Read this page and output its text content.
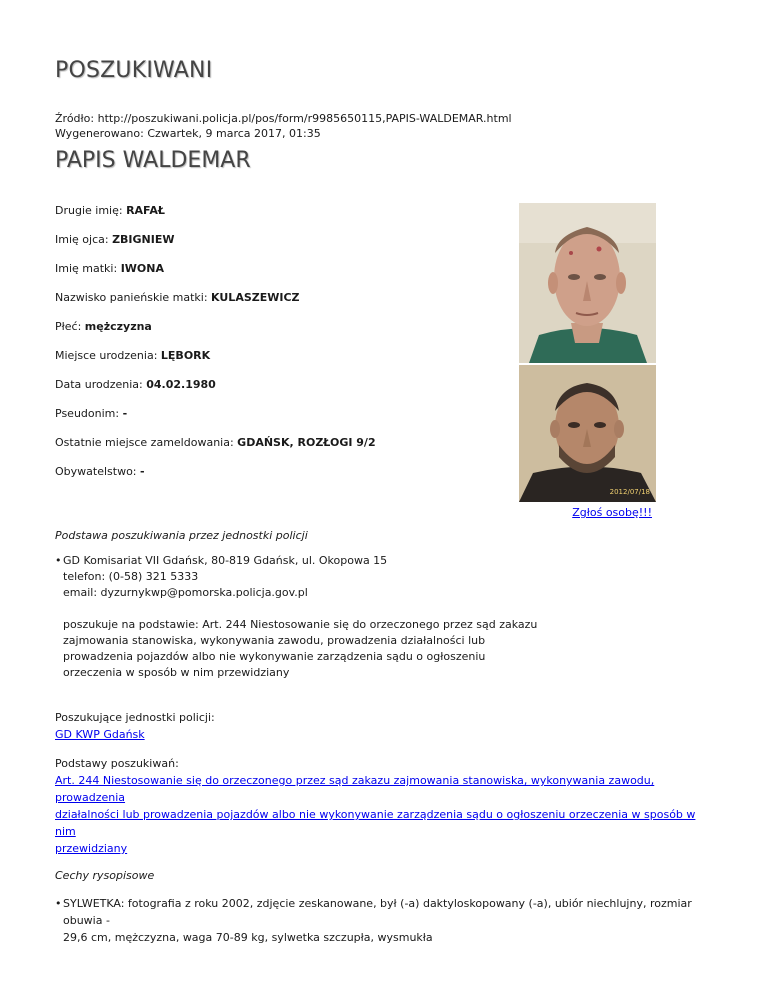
POSZUKIWANI
Źródło: http://poszukiwani.policja.pl/pos/form/r9985650115,PAPIS-WALDEMAR.html
Wygenerowano: Czwartek, 9 marca 2017, 01:35
PAPIS WALDEMAR
Drugie imię: RAFAŁ
Imię ojca: ZBIGNIEW
Imię matki: IWONA
Nazwisko panieńskie matki: KULASZEWICZ
Płeć: mężczyzna
Miejsce urodzenia: LĘBORK
Data urodzenia: 04.02.1980
Pseudonim: -
Ostatnie miejsce zameldowania: GDAŃSK, ROZŁOGI 9/2
Obywatelstwo: -
2012/07/18
Zgłoś osobę!!!
Podstawa poszukiwania przez jednostki policji
• GD Komisariat VII Gdańsk, 80-819 Gdańsk, ul. Okopowa 15
telefon: (0-58) 321 5333
email: dyzurnykwp@pomorska.policja.gov.pl
poszukuje na podstawie: Art. 244 Niestosowanie się do orzeczonego przez sąd zakazu
zajmowania stanowiska, wykonywania zawodu, prowadzenia działalności lub
prowadzenia pojazdów albo nie wykonywanie zarządzenia sądu o ogłoszeniu
orzeczenia w sposób w nim przewidziany
Poszukujące jednostki policji:
GD KWP Gdańsk
Podstawy poszukiwań:
Art. 244 Niestosowanie się do orzeczonego przez sąd zakazu zajmowania stanowiska, wykonywania zawodu, prowadzenia
działalności lub prowadzenia pojazdów albo nie wykonywanie zarządzenia sądu o ogłoszeniu orzeczenia w sposób w nim
przewidziany
Cechy rysopisowe
• SYLWETKA: fotografia z roku 2002, zdjęcie zeskanowane, był (-a) daktyloskopowany (-a), ubiór niechlujny, rozmiar obuwia -
29,6 cm, mężczyzna, waga 70-89 kg, sylwetka szczupła, wysmukła
